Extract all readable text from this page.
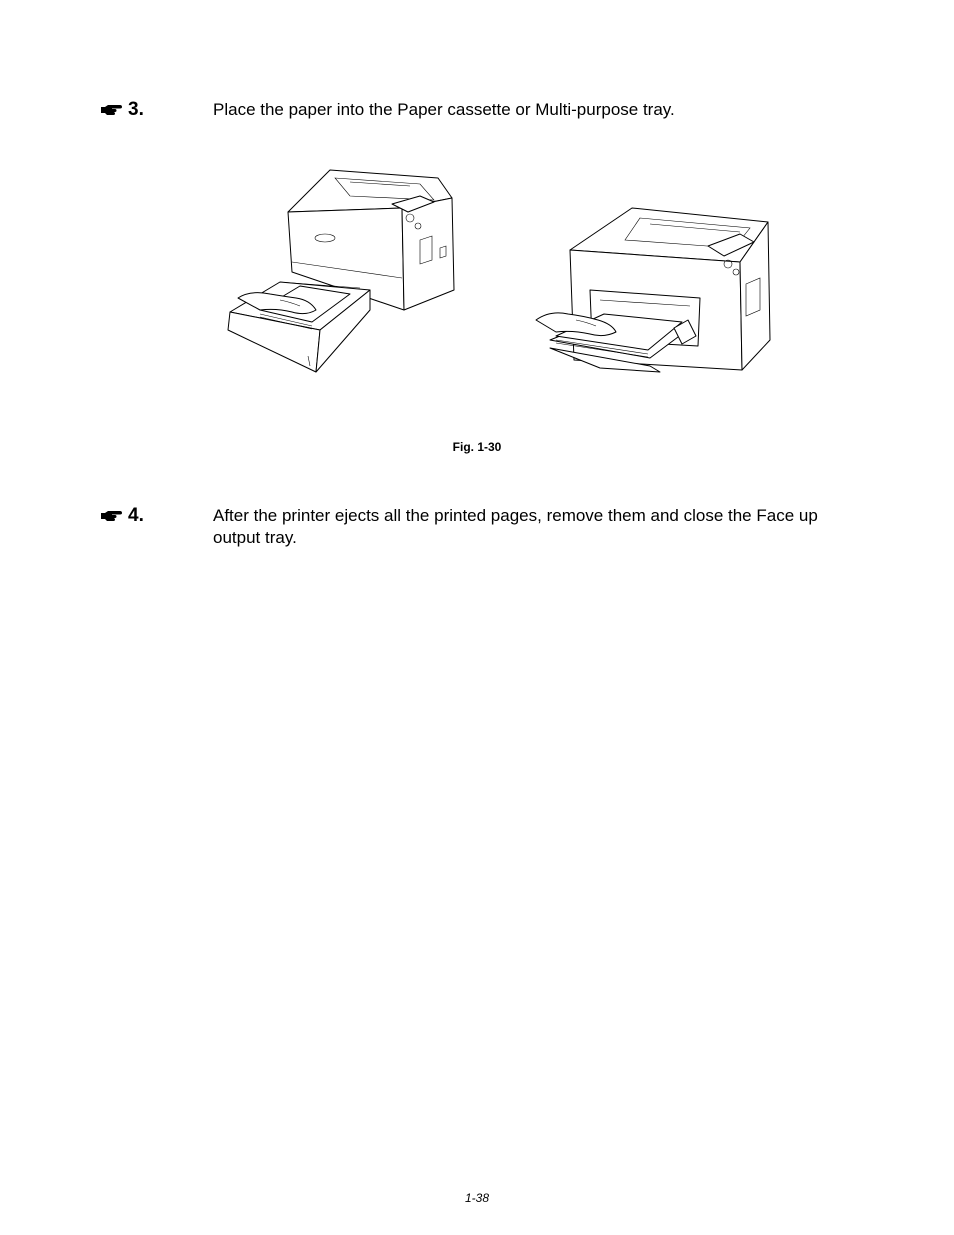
3.	Place the paper into the Paper cassette or Multi-purpose tray.
Fig. 1-30
4.	After the printer ejects all the printed pages, remove them and close the Face up output tray.
1-38
